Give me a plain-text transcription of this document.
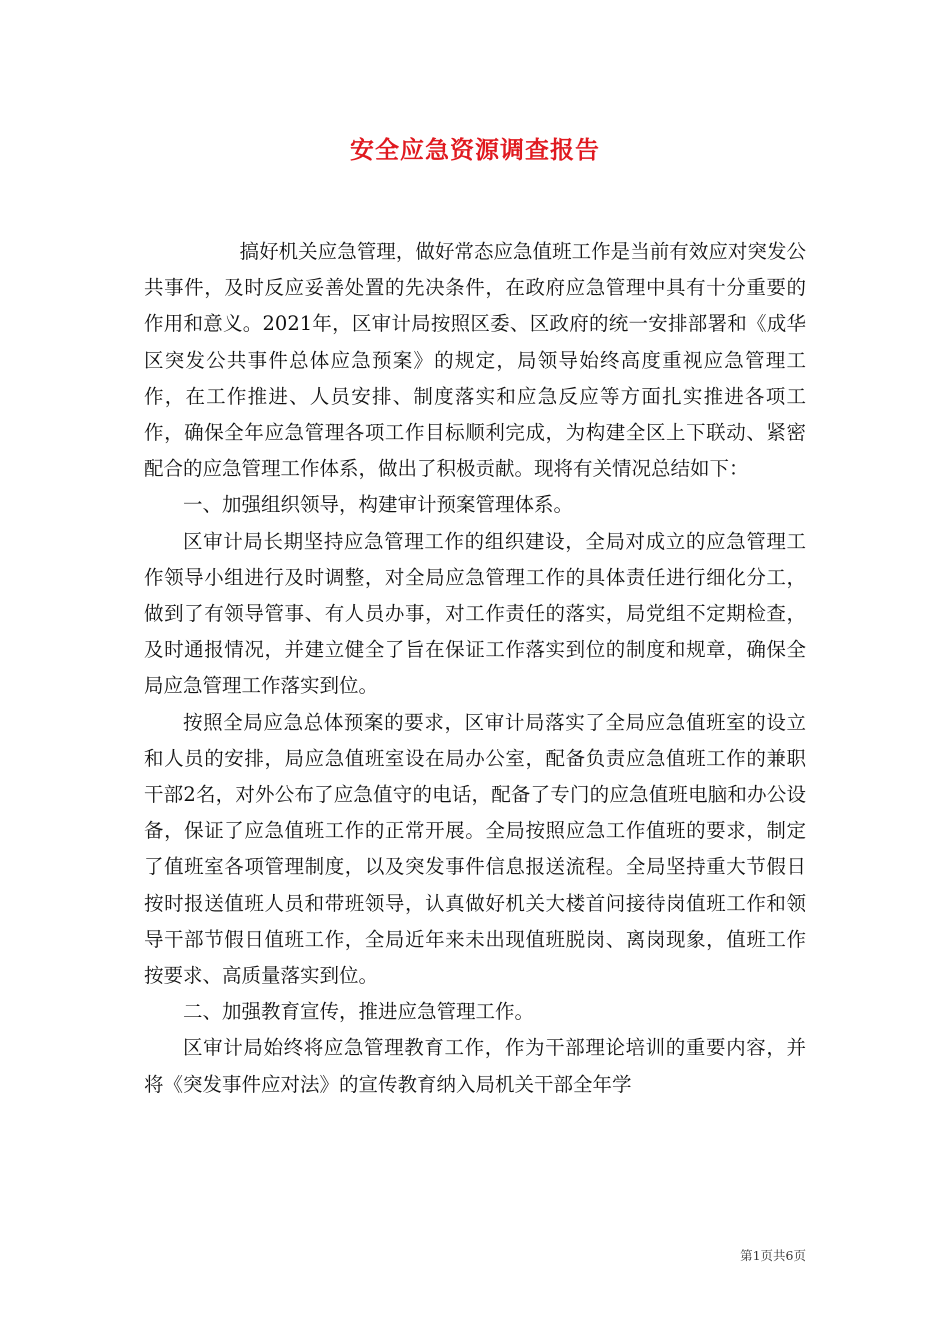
安全应急资源调查报告

搞好机关应急管理，做好常态应急值班工作是当前有效应对突发公共事件，及时反应妥善处置的先决条件，在政府应急管理中具有十分重要的作用和意义。2021年，区审计局按照区委、区政府的统一安排部署和《成华区突发公共事件总体应急预案》的规定，局领导始终高度重视应急管理工作，在工作推进、人员安排、制度落实和应急反应等方面扎实推进各项工作，确保全年应急管理各项工作目标顺利完成，为构建全区上下联动、紧密配合的应急管理工作体系，做出了积极贡献。现将有关情况总结如下：

一、加强组织领导，构建审计预案管理体系。

区审计局长期坚持应急管理工作的组织建设，全局对成立的应急管理工作领导小组进行及时调整，对全局应急管理工作的具体责任进行细化分工，做到了有领导管事、有人员办事，对工作责任的落实，局党组不定期检查，及时通报情况，并建立健全了旨在保证工作落实到位的制度和规章，确保全局应急管理工作落实到位。

按照全局应急总体预案的要求，区审计局落实了全局应急值班室的设立和人员的安排，局应急值班室设在局办公室，配备负责应急值班工作的兼职干部2名，对外公布了应急值守的电话，配备了专门的应急值班电脑和办公设备，保证了应急值班工作的正常开展。全局按照应急工作值班的要求，制定了值班室各项管理制度，以及突发事件信息报送流程。全局坚持重大节假日按时报送值班人员和带班领导，认真做好机关大楼首问接待岗值班工作和领导干部节假日值班工作，全局近年来未出现值班脱岗、离岗现象，值班工作按要求、高质量落实到位。

二、加强教育宣传，推进应急管理工作。

区审计局始终将应急管理教育工作，作为干部理论培训的重要内容，并将《突发事件应对法》的宣传教育纳入局机关干部全年学

第1页共6页
